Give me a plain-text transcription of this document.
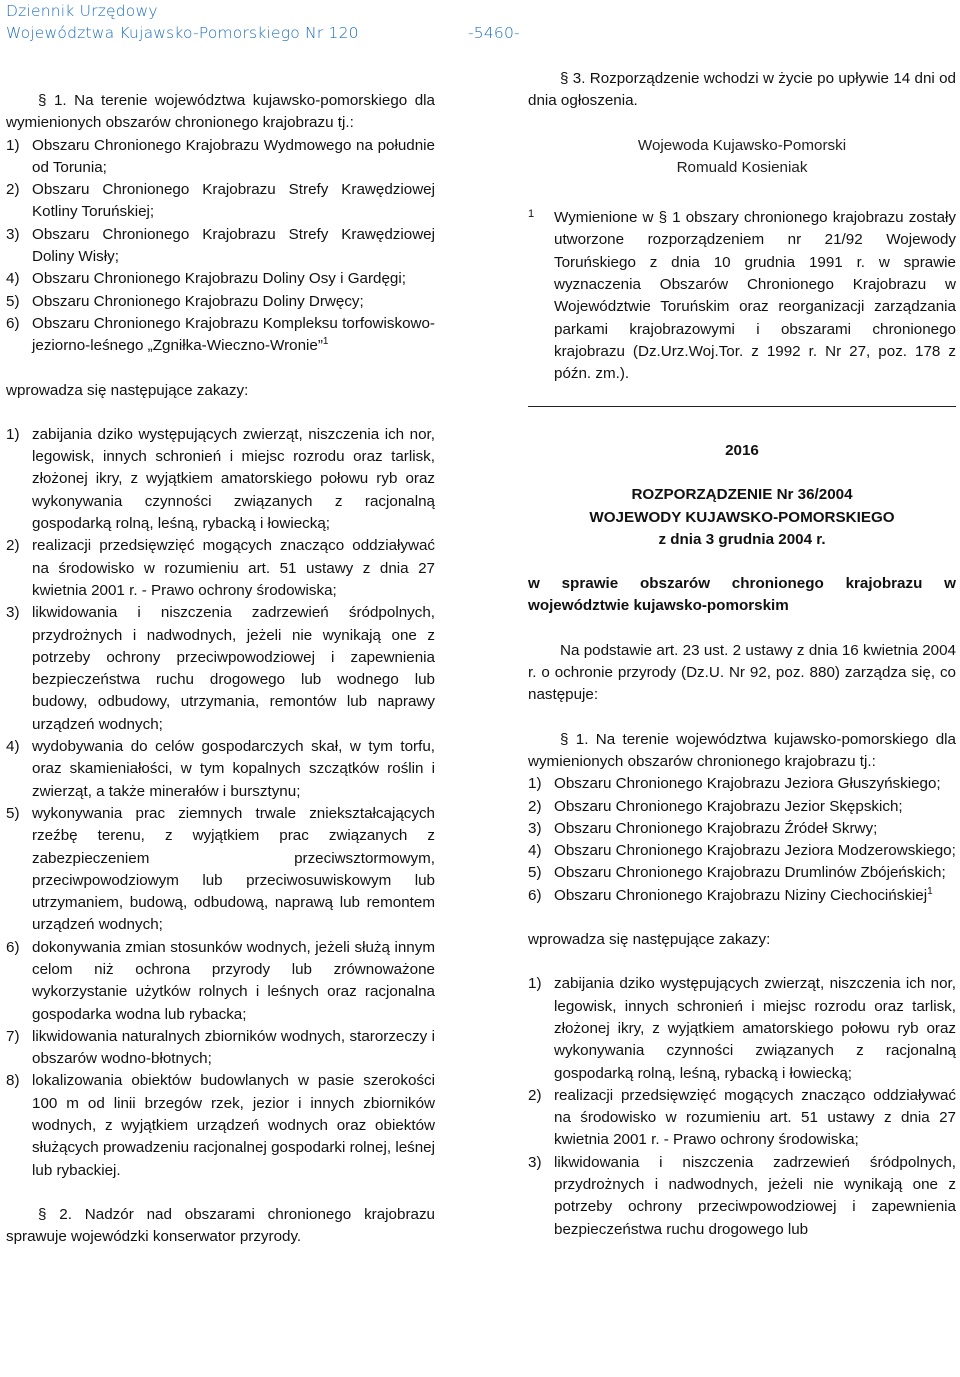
Dziennik Urzędowy
Województwa Kujawsko-Pomorskiego Nr 120	-5460-

§ 1. Na terenie województwa kujawsko-pomorskiego dla wymienionych obszarów chronionego krajobrazu tj.:

1) Obszaru Chronionego Krajobrazu Wydmowego na południe od Torunia;
2) Obszaru Chronionego Krajobrazu Strefy Krawędziowej Kotliny Toruńskiej;
3) Obszaru Chronionego Krajobrazu Strefy Krawędziowej Doliny Wisły;
4) Obszaru Chronionego Krajobrazu Doliny Osy i Gardęgi;
5) Obszaru Chronionego Krajobrazu Doliny Drwęcy;
6) Obszaru Chronionego Krajobrazu Kompleksu torfowiskowo-jeziorno-leśnego „Zgniłka-Wieczno-Wronie”$^1$

wprowadza się następujące zakazy:

1) zabijania dziko występujących zwierząt, niszczenia ich nor, legowisk, innych schronień i miejsc rozrodu oraz tarlisk, złożonej ikry, z wyjątkiem amatorskiego połowu ryb oraz wykonywania czynności związanych z racjonalną gospodarką rolną, leśną, rybacką i łowiecką;
2) realizacji przedsięwzięć mogących znacząco oddziaływać na środowisko w rozumieniu art. 51 ustawy z dnia 27 kwietnia 2001 r. - Prawo ochrony środowiska;
3) likwidowania i niszczenia zadrzewień śródpolnych, przydrożnych i nadwodnych, jeżeli nie wynikają one z potrzeby ochrony przeciwpowodziowej i zapewnienia bezpieczeństwa ruchu drogowego lub wodnego lub budowy, odbudowy, utrzymania, remontów lub naprawy urządzeń wodnych;
4) wydobywania do celów gospodarczych skał, w tym torfu, oraz skamieniałości, w tym kopalnych szczątków roślin i zwierząt, a także minerałów i bursztynu;
5) wykonywania prac ziemnych trwale zniekształcających rzeźbę terenu, z wyjątkiem prac związanych z zabezpieczeniem przeciwsztormowym, przeciwpowodziowym lub przeciwosuwiskowym lub utrzymaniem, budową, odbudową, naprawą lub remontem urządzeń wodnych;
6) dokonywania zmian stosunków wodnych, jeżeli służą innym celom niż ochrona przyrody lub zrównoważone wykorzystanie użytków rolnych i leśnych oraz racjonalna gospodarka wodna lub rybacka;
7) likwidowania naturalnych zbiorników wodnych, starorzeczy i obszarów wodno-błotnych;
8) lokalizowania obiektów budowlanych w pasie szerokości 100 m od linii brzegów rzek, jezior i innych zbiorników wodnych, z wyjątkiem urządzeń wodnych oraz obiektów służących prowadzeniu racjonalnej gospodarki rolnej, leśnej lub rybackiej.

§ 2. Nadzór nad obszarami chronionego krajobrazu sprawuje wojewódzki konserwator przyrody.

§ 3. Rozporządzenie wchodzi w życie po upływie 14 dni od dnia ogłoszenia.

Wojewoda Kujawsko-Pomorski

Romuald Kosieniak

1	Wymienione w § 1 obszary chronionego krajobrazu zostały utworzone rozporządzeniem nr 21/92 Wojewody Toruńskiego z dnia 10 grudnia 1991 r. w sprawie wyznaczenia Obszarów Chronionego Krajobrazu w Województwie Toruńskim oraz reorganizacji zarządzania parkami krajobrazowymi i obszarami chronionego krajobrazu (Dz.Urz.Woj.Tor. z 1992 r. Nr 27, poz. 178 z późn. zm.).

2016

ROZPORZĄDZENIE Nr 36/2004

WOJEWODY KUJAWSKO-POMORSKIEGO

z dnia 3 grudnia 2004 r.

w sprawie obszarów chronionego krajobrazu w województwie kujawsko-pomorskim

Na podstawie art. 23 ust. 2 ustawy z dnia 16 kwietnia 2004 r. o ochronie przyrody (Dz.U. Nr 92, poz. 880) zarządza się, co następuje:

§ 1. Na terenie województwa kujawsko-pomorskiego dla wymienionych obszarów chronionego krajobrazu tj.:

1) Obszaru Chronionego Krajobrazu Jeziora Głuszyńskiego;
2) Obszaru Chronionego Krajobrazu Jezior Skępskich;
3) Obszaru Chronionego Krajobrazu Źródeł Skrwy;
4) Obszaru Chronionego Krajobrazu Jeziora Modzerowskiego;
5) Obszaru Chronionego Krajobrazu Drumlinów Zbójeńskich;
6) Obszaru Chronionego Krajobrazu Niziny Ciechocińskiej$^1$

wprowadza się następujące zakazy:

1) zabijania dziko występujących zwierząt, niszczenia ich nor, legowisk, innych schronień i miejsc rozrodu oraz tarlisk, złożonej ikry, z wyjątkiem amatorskiego połowu ryb oraz wykonywania czynności związanych z racjonalną gospodarką rolną, leśną, rybacką i łowiecką;
2) realizacji przedsięwzięć mogących znacząco oddziaływać na środowisko w rozumieniu art. 51 ustawy z dnia 27 kwietnia 2001 r. - Prawo ochrony środowiska;
3) likwidowania i niszczenia zadrzewień śródpolnych, przydrożnych i nadwodnych, jeżeli nie wynikają one z potrzeby ochrony przeciwpowodziowej i zapewnienia bezpieczeństwa ruchu drogowego lub
